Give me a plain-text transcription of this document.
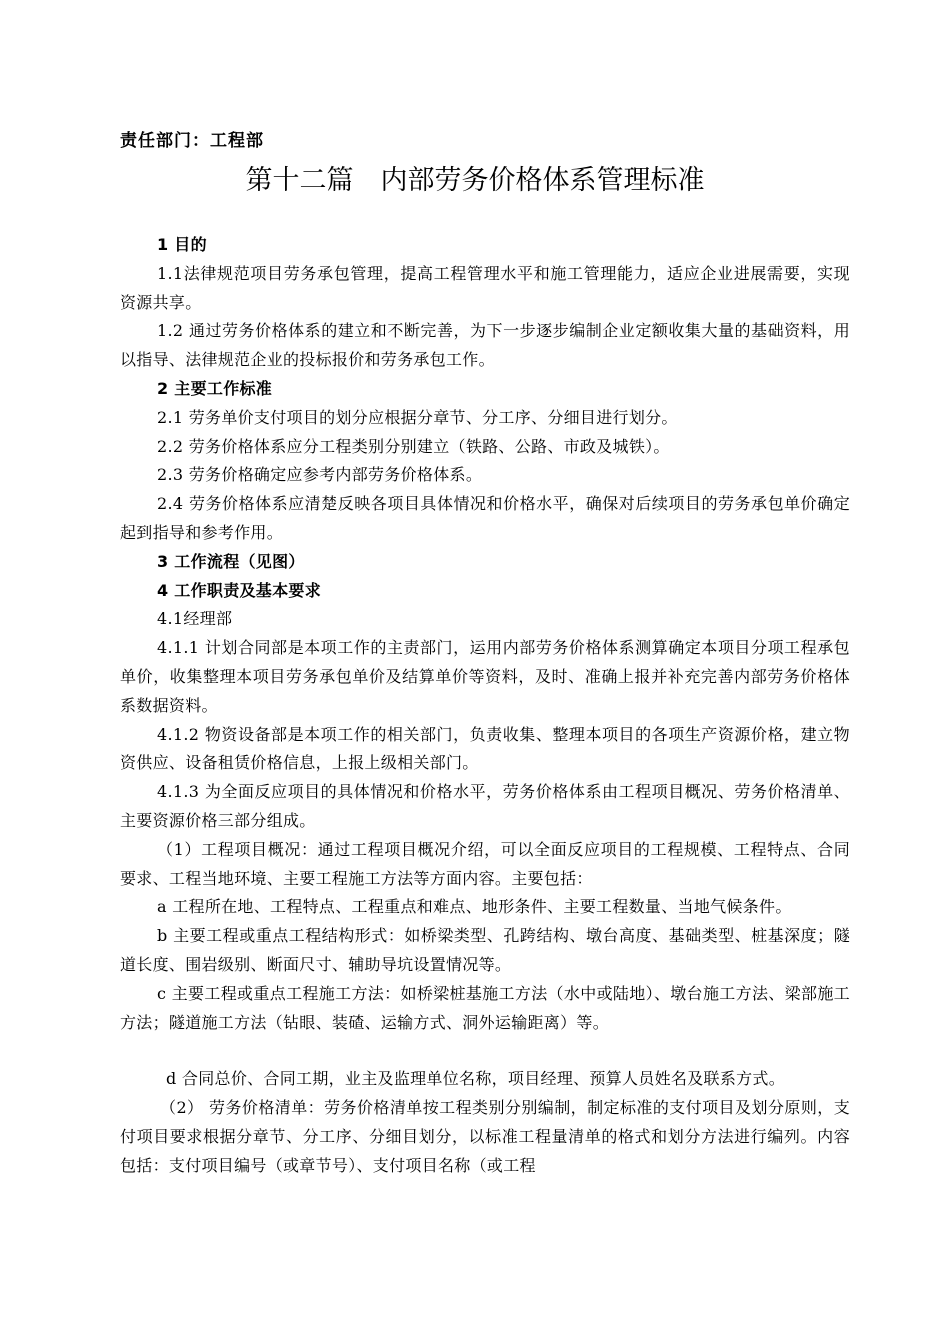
责任部门：工程部
第十二篇　内部劳务价格体系管理标准

1 目的

1.1法律规范项目劳务承包管理，提高工程管理水平和施工管理能力，适应企业进展需要，实现资源共享。

1.2 通过劳务价格体系的建立和不断完善，为下一步逐步编制企业定额收集大量的基础资料，用以指导、法律规范企业的投标报价和劳务承包工作。

2 主要工作标准

2.1 劳务单价支付项目的划分应根据分章节、分工序、分细目进行划分。

2.2 劳务价格体系应分工程类别分别建立（铁路、公路、市政及城铁）。

2.3 劳务价格确定应参考内部劳务价格体系。

2.4 劳务价格体系应清楚反映各项目具体情况和价格水平，确保对后续项目的劳务承包单价确定起到指导和参考作用。

3 工作流程（见图）

4 工作职责及基本要求

4.1经理部

4.1.1 计划合同部是本项工作的主责部门，运用内部劳务价格体系测算确定本项目分项工程承包单价，收集整理本项目劳务承包单价及结算单价等资料，及时、准确上报并补充完善内部劳务价格体系数据资料。

4.1.2 物资设备部是本项工作的相关部门，负责收集、整理本项目的各项生产资源价格，建立物资供应、设备租赁价格信息，上报上级相关部门。

4.1.3 为全面反应项目的具体情况和价格水平，劳务价格体系由工程项目概况、劳务价格清单、主要资源价格三部分组成。

（1）工程项目概况：通过工程项目概况介绍，可以全面反应项目的工程规模、工程特点、合同要求、工程当地环境、主要工程施工方法等方面内容。主要包括：

a 工程所在地、工程特点、工程重点和难点、地形条件、主要工程数量、当地气候条件。

b 主要工程或重点工程结构形式：如桥梁类型、孔跨结构、墩台高度、基础类型、桩基深度；隧道长度、围岩级别、断面尺寸、辅助导坑设置情况等。

c 主要工程或重点工程施工方法：如桥梁桩基施工方法（水中或陆地）、墩台施工方法、梁部施工方法；隧道施工方法（钻眼、装碴、运输方式、洞外运输距离）等。

d 合同总价、合同工期，业主及监理单位名称，项目经理、预算人员姓名及联系方式。

（2） 劳务价格清单：劳务价格清单按工程类别分别编制，制定标准的支付项目及划分原则，支付项目要求根据分章节、分工序、分细目划分，以标准工程量清单的格式和划分方法进行编列。内容包括：支付项目编号（或章节号）、支付项目名称（或工程
